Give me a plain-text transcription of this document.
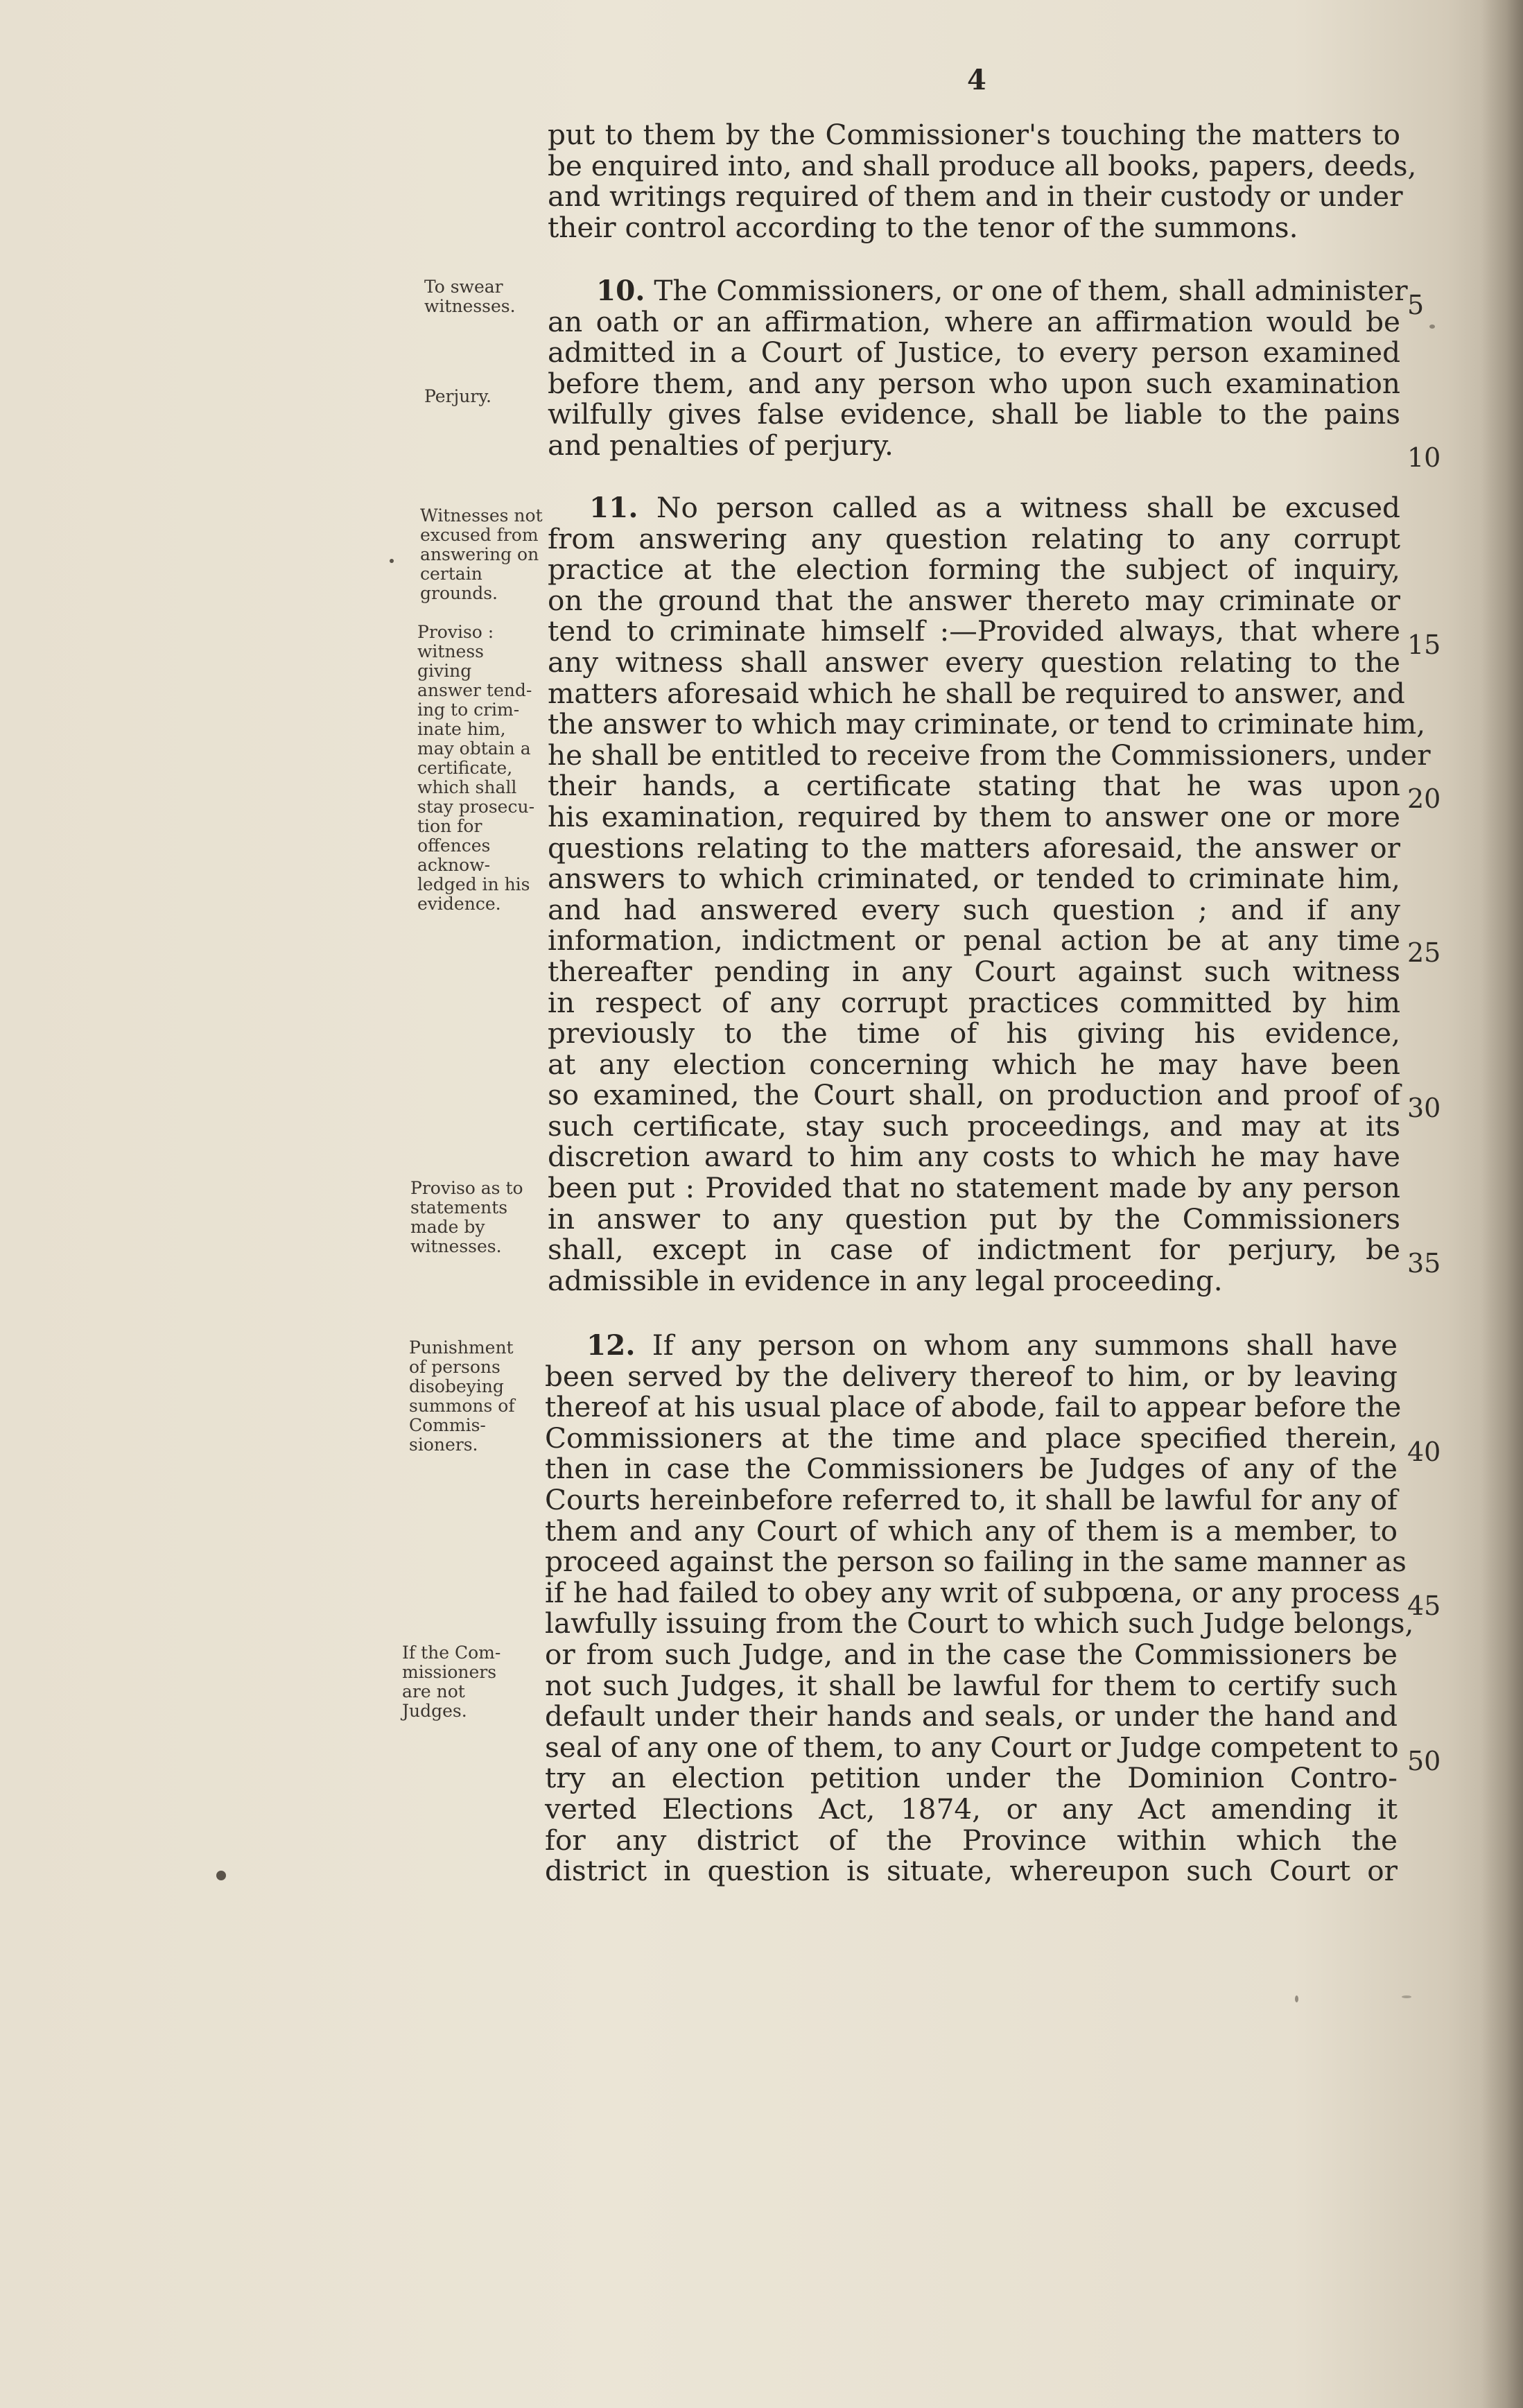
4
put to them by the Commissioner's touching the matters to
be enquired into, and shall produce all books, papers, deeds,
and writings required of them and in their custody or under
their control according to the tenor of the summons.
10. The Commissioners, or one of them, shall administer
an oath or an affirmation, where an affirmation would be
admitted in a Court of Justice, to every person examined
before them, and any person who upon such examination
wilfully gives false evidence, shall be liable to the pains
and penalties of perjury.
11. No person called as a witness shall be excused
from answering any question relating to any corrupt
practice at the election forming the subject of inquiry,
on the ground that the answer thereto may criminate or
tend to criminate himself :—Provided always, that where
any witness shall answer every question relating to the
matters aforesaid which he shall be required to answer, and
the answer to which may criminate, or tend to criminate him,
he shall be entitled to receive from the Commissioners, under
their hands, a certificate stating that he was upon
his examination, required by them to answer one or more
questions relating to the matters aforesaid, the answer or
answers to which criminated, or tended to criminate him,
and had answered every such question ; and if any
information, indictment or penal action be at any time
thereafter pending in any Court against such witness
in respect of any corrupt practices committed by him
previously to the time of his giving his evidence,
at any election concerning which he may have been
so examined, the Court shall, on production and proof of
such certificate, stay such proceedings, and may at its
discretion award to him any costs to which he may have
been put : Provided that no statement made by any person
in answer to any question put by the Commissioners
shall, except in case of indictment for perjury, be
admissible in evidence in any legal proceeding.
12. If any person on whom any summons shall have
been served by the delivery thereof to him, or by leaving
thereof at his usual place of abode, fail to appear before the
Commissioners at the time and place specified therein,
then in case the Commissioners be Judges of any of the
Courts hereinbefore referred to, it shall be lawful for any of
them and any Court of which any of them is a member, to
proceed against the person so failing in the same manner as
if he had failed to obey any writ of subpœna, or any process
lawfully issuing from the Court to which such Judge belongs,
or from such Judge, and in the case the Commissioners be
not such Judges, it shall be lawful for them to certify such
default under their hands and seals, or under the hand and
seal of any one of them, to any Court or Judge competent to
try an election petition under the Dominion Contro-
verted Elections Act, 1874, or any Act amending it
for any district of the Province within which the
district in question is situate, whereupon such Court or
To swear
witnesses.
Perjury.
Witnesses not
excused from
answering on
certain
grounds.
Proviso :
witness
giving
answer tend-
ing to crim-
inate him,
may obtain a
certificate,
which shall
stay prosecu-
tion for
offences
acknow-
ledged in his
evidence.
Proviso as to
statements
made by
witnesses.
Punishment
of persons
disobeying
summons of
Commis-
sioners.
If the Com-
missioners
are not
Judges.
5
10
15
20
25
30
35
40
45
50
